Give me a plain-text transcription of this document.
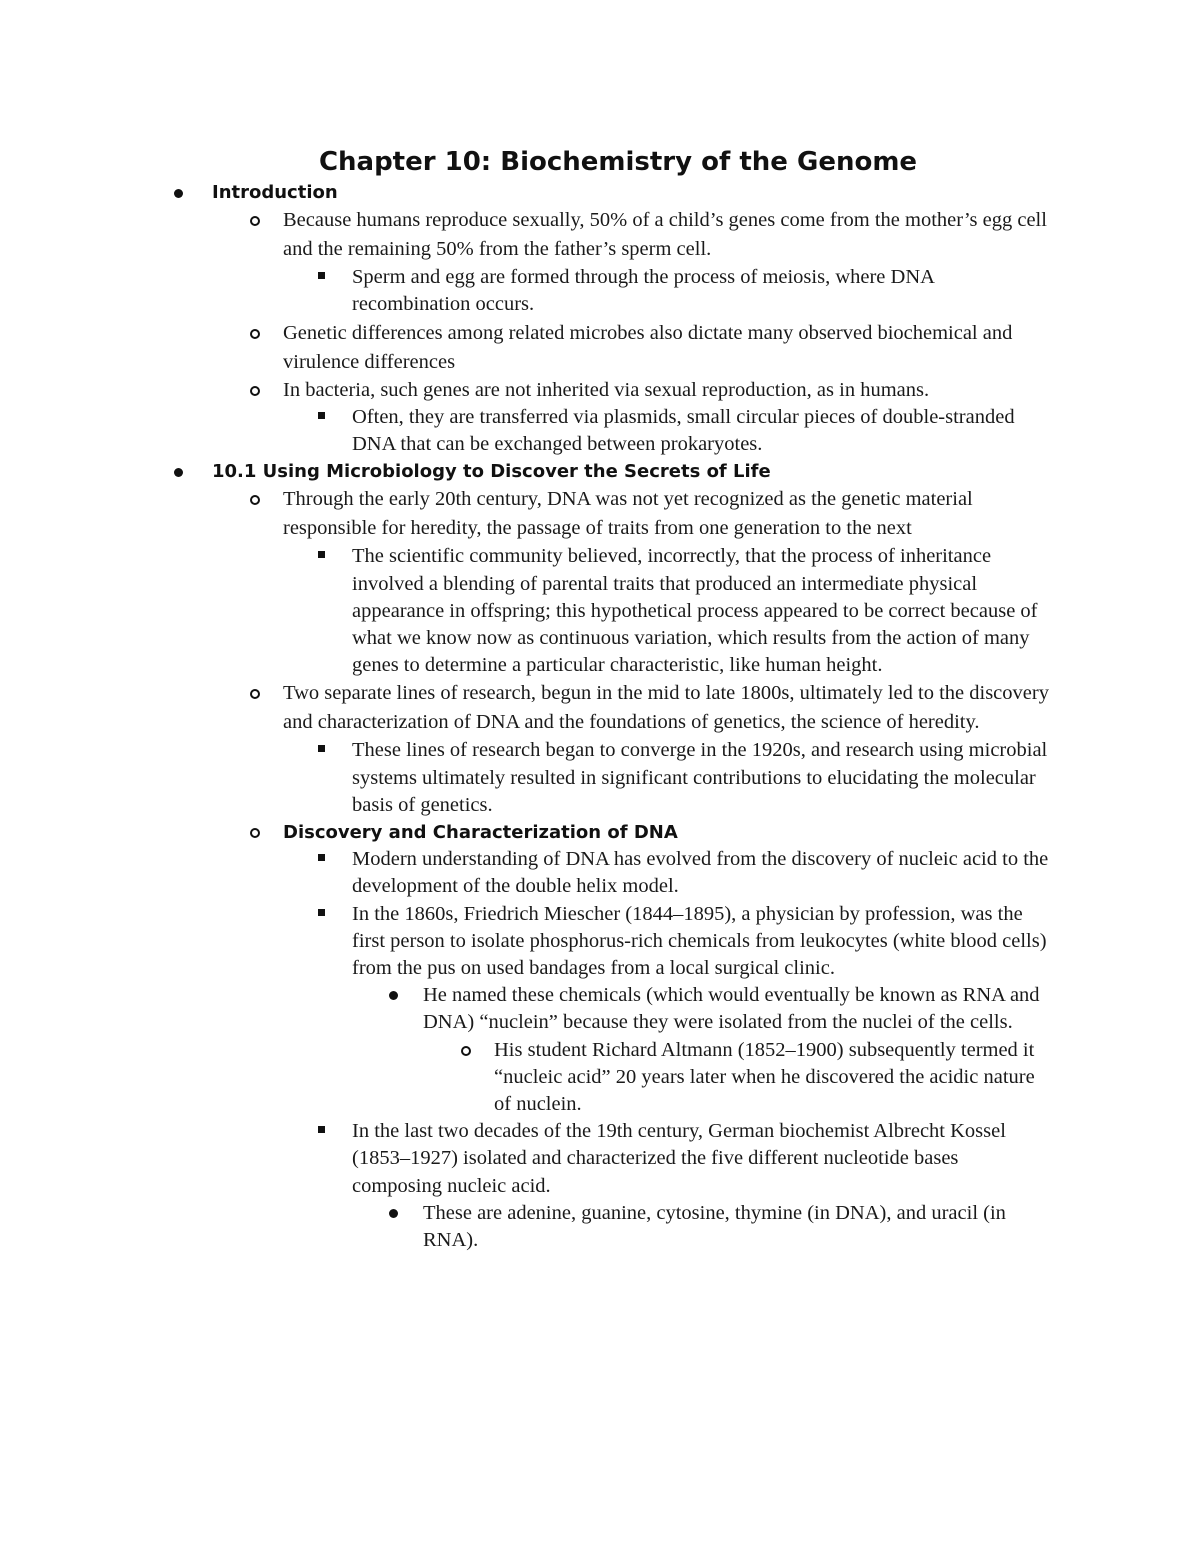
Chapter 10: Biochemistry of the Genome
Introduction
Because humans reproduce sexually, 50% of a child’s genes come from the mother’s egg cell and the remaining 50% from the father’s sperm cell.
Sperm and egg are formed through the process of meiosis, where DNA recombination occurs.
Genetic differences among related microbes also dictate many observed biochemical and virulence differences
In bacteria, such genes are not inherited via sexual reproduction, as in humans.
Often, they are transferred via plasmids, small circular pieces of double-stranded DNA that can be exchanged between prokaryotes.
10.1 Using Microbiology to Discover the Secrets of Life
Through the early 20th century, DNA was not yet recognized as the genetic material responsible for heredity, the passage of traits from one generation to the next
The scientific community believed, incorrectly, that the process of inheritance involved a blending of parental traits that produced an intermediate physical appearance in offspring; this hypothetical process appeared to be correct because of what we know now as continuous variation, which results from the action of many genes to determine a particular characteristic, like human height.
Two separate lines of research, begun in the mid to late 1800s, ultimately led to the discovery and characterization of DNA and the foundations of genetics, the science of heredity.
These lines of research began to converge in the 1920s, and research using microbial systems ultimately resulted in significant contributions to elucidating the molecular basis of genetics.
Discovery and Characterization of DNA
Modern understanding of DNA has evolved from the discovery of nucleic acid to the development of the double helix model.
In the 1860s, Friedrich Miescher (1844–1895), a physician by profession, was the first person to isolate phosphorus-rich chemicals from leukocytes (white blood cells) from the pus on used bandages from a local surgical clinic.
He named these chemicals (which would eventually be known as RNA and DNA) “nuclein” because they were isolated from the nuclei of the cells.
His student Richard Altmann (1852–1900) subsequently termed it “nucleic acid” 20 years later when he discovered the acidic nature of nuclein.
In the last two decades of the 19th century, German biochemist Albrecht Kossel (1853–1927) isolated and characterized the five different nucleotide bases composing nucleic acid.
These are adenine, guanine, cytosine, thymine (in DNA), and uracil (in RNA).
